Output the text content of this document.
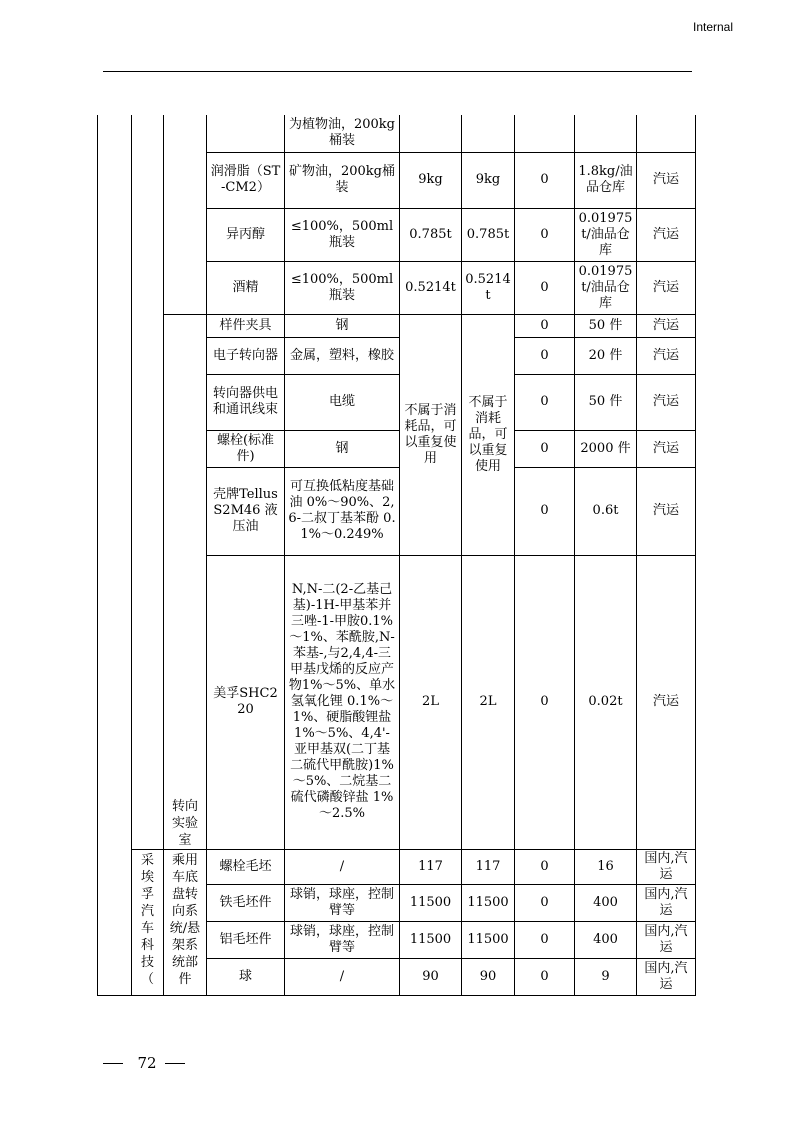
Internal
				为植物油，200kg桶装					
			润滑脂（ST-CM2）	矿物油，200kg桶装	9kg	9kg	0	1.8kg/油品仓库	汽运
			异丙醇	≤100%，500ml瓶装	0.785t	0.785t	0	0.01975t/油品仓库	汽运
			酒精	≤100%，500ml瓶装	0.5214t	0.5214t	0	0.01975t/油品仓库	汽运
		转向实验室	样件夹具	钢	不属于消耗品，可以重复使用	不属于消耗品，可以重复使用	0	50 件	汽运
			电子转向器	金属，塑料，橡胶			0	20 件	汽运
			转向器供电和通讯线束	电缆			0	50 件	汽运
			螺栓(标准件)	钢			0	2000 件	汽运
			壳牌TellusS2M46 液压油	可互换低粘度基础油 0%～90%、2,6-二叔丁基苯酚 0.1%～0.249%			0	0.6t	汽运
			美孚SHC220	N,N-二(2-乙基己基)-1H-甲基苯并三唑-1-甲胺0.1%～1%、苯酰胺,N-苯基-,与2,4,4-三甲基戊烯的反应产物1%～5%、单水氢氧化锂 0.1%～1%、硬脂酸锂盐1%～5%、4,4'-亚甲基双(二丁基二硫代甲酰胺)1%～5%、二烷基二硫代磷酸锌盐 1%～2.5%	2L	2L	0	0.02t	汽运
	采埃孚汽车科技（	乘用车底盘转向系统/悬架系统部件	螺栓毛坯	/	117	117	0	16	国内,汽运
			铁毛坯件	球销，球座，控制臂等	11500	11500	0	400	国内,汽运
			铝毛坯件	球销，球座，控制臂等	11500	11500	0	400	国内,汽运
			球	/	90	90	0	9	国内,汽运
72
